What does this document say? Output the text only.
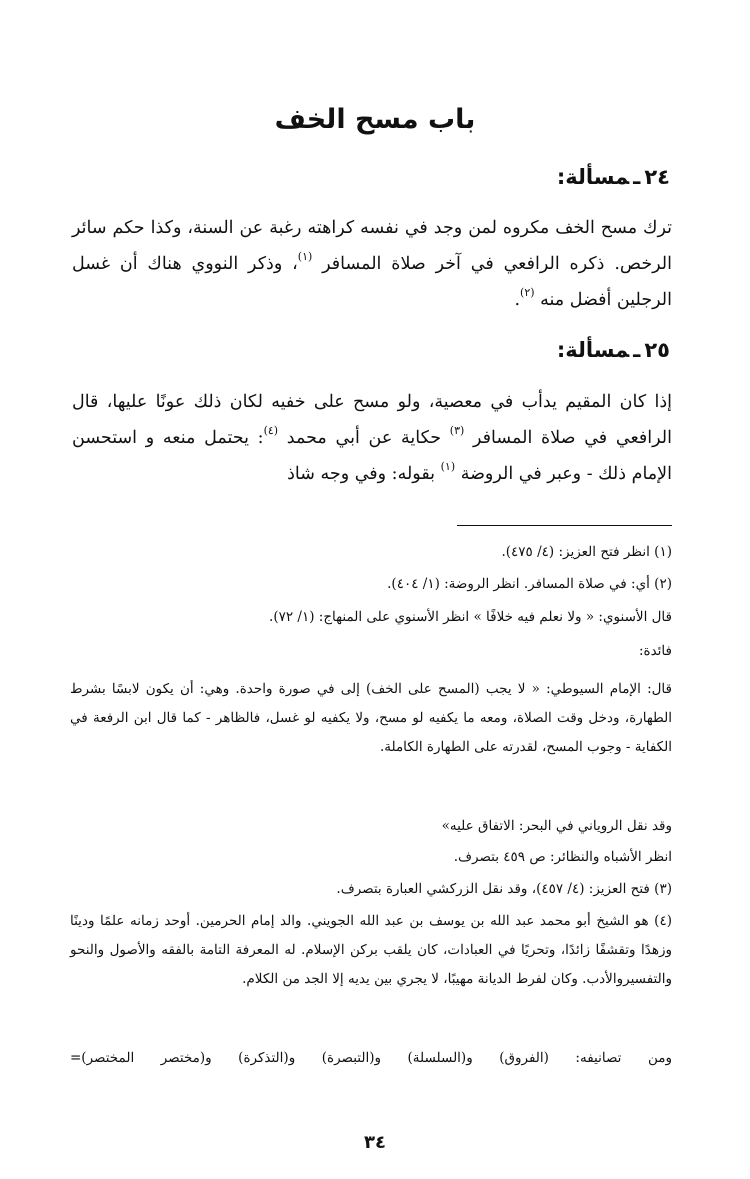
باب مسح الخف
٢٤ـمسألة:

ترك مسح الخف مكروه لمن وجد في نفسه كراهته رغبة عن السنة، وكذا حكم سائر الرخص. ذكره الرافعي في آخر صلاة المسافر $^{(١)}$، وذكر النووي هناك أن غسل الرجلين أفضل منه $^{(٢)}$.

٢٥ـمسألة:

إذا كان المقيم يدأب في معصية، ولو مسح على خفيه لكان ذلك عونًا عليها، قال الرافعي في صلاة المسافر $^{(٣)}$ حكاية عن أبي محمد $^{(٤)}$: يحتمل منعه و استحسن الإمام ذلك - وعبر في الروضة $^{(١)}$ بقوله: وفي وجه شاذ

(١) انظر فتح العزيز: (٤/ ٤٧٥).

(٢) أي: في صلاة المسافر. انظر الروضة: (١/ ٤٠٤).

قال الأسنوي: « ولا نعلم فيه خلافًا » انظر الأسنوي على المنهاج: (١/ ٧٢).

فائدة:

قال: الإمام السيوطي: « لا يجب (المسح على الخف) إلى في صورة واحدة. وهي: أن يكون لابسًا بشرط الطهارة، ودخل وقت الصلاة، ومعه ما يكفيه لو مسح، ولا يكفيه لو غسل، فالظاهر - كما قال ابن الرفعة في الكفاية - وجوب المسح، لقدرته على الطهارة الكاملة.

وقد نقل الروياني في البحر: الاتفاق عليه»

انظر الأشباه والنظائر: ص ٤٥٩ بتصرف.

(٣) فتح العزيز: (٤/ ٤٥٧)، وقد نقل الزركشي العبارة بتصرف.

(٤) هو الشيخ أبو محمد عبد الله بن يوسف بن عبد الله الجويني. والد إمام الحرمين. أوحد زمانه علمًا ودينًا وزهدًا وتقشفًا زائدًا، وتحريًا في العبادات، كان يلقب بركن الإسلام. له المعرفة التامة بالفقه والأصول والنحو والتفسيروالأدب. وكان لفرط الديانة مهيبًا، لا يجري بين يديه إلا الجد من الكلام.

ومن تصانيفه: (الفروق) و(السلسلة) و(التبصرة) و(التذكرة) و(مختصر المختصر)=

٣٤
